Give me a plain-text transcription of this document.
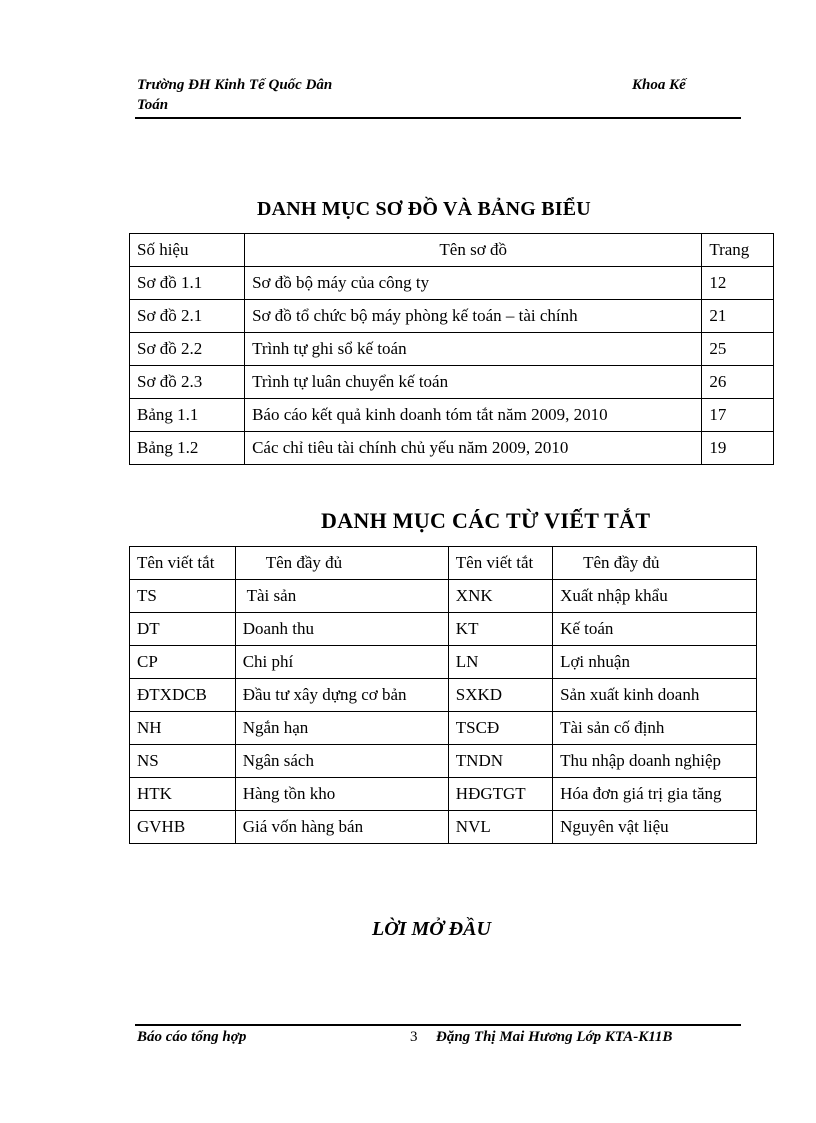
Trường ĐH Kinh Tế Quốc Dân
Toán
Khoa Kế
DANH MỤC SƠ ĐỒ VÀ BẢNG BIỂU
Số hiệu	Tên sơ đồ	Trang
Sơ đồ 1.1	Sơ đồ bộ máy của công ty	12
Sơ đồ 2.1	Sơ đồ tổ chức bộ máy phòng kế toán – tài chính	21
Sơ đồ 2.2	Trình tự ghi sổ kế toán	25
Sơ đồ 2.3	Trình tự luân chuyển kế toán	26
Bảng 1.1	Báo cáo kết quả kinh doanh tóm tắt năm 2009, 2010	17
Bảng 1.2	Các chỉ tiêu tài chính chủ yếu năm 2009, 2010	19
DANH MỤC CÁC TỪ VIẾT TẮT
Tên viết tắt	Tên đầy đủ	Tên viết tắt	Tên đầy đủ
TS	Tài sản	XNK	Xuất nhập khẩu
DT	Doanh thu	KT	Kế toán
CP	Chi phí	LN	Lợi nhuận
ĐTXDCB	Đầu tư xây dựng cơ bản	SXKD	Sản xuất kinh doanh
NH	Ngắn hạn	TSCĐ	Tài sản cố định
NS	Ngân sách	TNDN	Thu nhập doanh nghiệp
HTK	Hàng tồn kho	HĐGTGT	Hóa đơn giá trị gia tăng
GVHB	Giá vốn hàng bán	NVL	Nguyên vật liệu
LỜI MỞ ĐẦU
Báo cáo tổng hợp	3 Đặng Thị Mai Hương Lớp KTA-K11B
